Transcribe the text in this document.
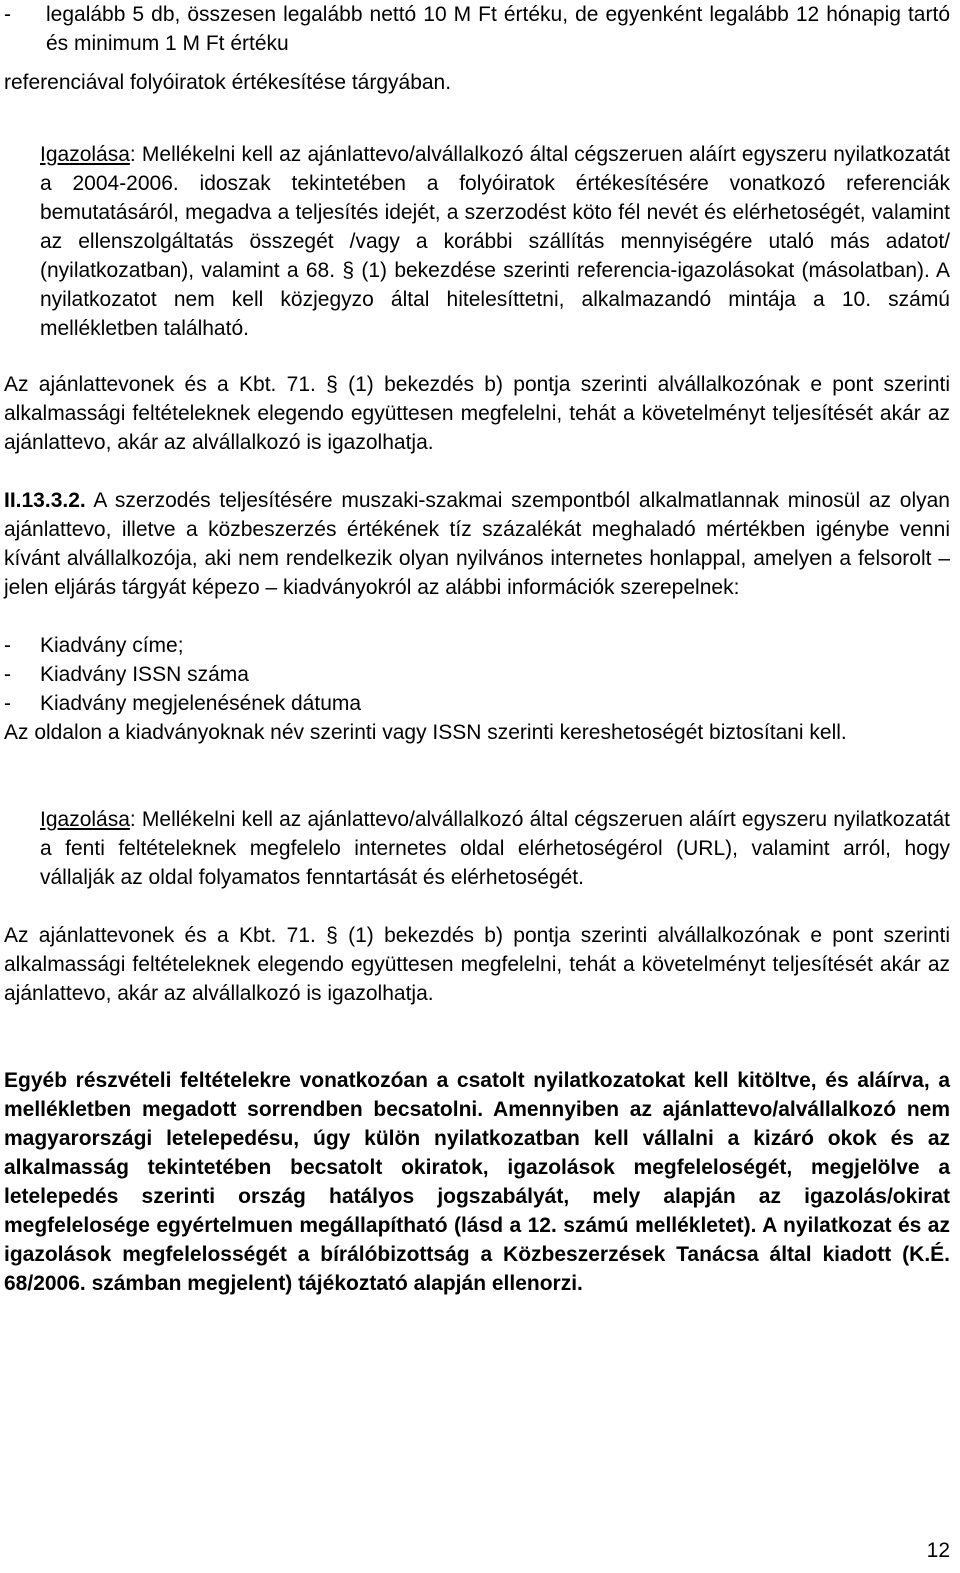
-	legalább 5 db, összesen legalább nettó 10 M Ft értéku, de egyenként legalább 12 hónapig tartó és minimum 1 M Ft értéku
referenciával folyóiratok értékesítése tárgyában.

Igazolása: Mellékelni kell az ajánlattevo/alvállalkozó által cégszeruen aláírt egyszeru nyilatkozatát a 2004-2006. idoszak tekintetében a folyóiratok értékesítésére vonatkozó referenciák bemutatásáról, megadva a teljesítés idejét, a szerzodést köto fél nevét és elérhetoségét, valamint az ellenszolgáltatás összegét /vagy a korábbi szállítás mennyiségére utaló más adatot/ (nyilatkozatban), valamint a 68. § (1) bekezdése szerinti referencia-igazolásokat (másolatban). A nyilatkozatot nem kell közjegyzo által hitelesíttetni, alkalmazandó mintája a 10. számú mellékletben található.

Az ajánlattevonek és a Kbt. 71. § (1) bekezdés b) pontja szerinti alvállalkozónak e pont szerinti alkalmassági feltételeknek elegendo együttesen megfelelni, tehát a követelményt teljesítését akár az ajánlattevo, akár az alvállalkozó is igazolhatja.

II.13.3.2. A szerzodés teljesítésére muszaki-szakmai szempontból alkalmatlannak minosül az olyan ajánlattevo, illetve a közbeszerzés értékének tíz százalékát meghaladó mértékben igénybe venni kívánt alvállalkozója, aki nem rendelkezik olyan nyilvános internetes honlappal, amelyen a felsorolt – jelen eljárás tárgyát képezo – kiadványokról az alábbi információk szerepelnek:

-	Kiadvány címe;
-	Kiadvány ISSN száma
-	Kiadvány megjelenésének dátuma
Az oldalon a kiadványoknak név szerinti vagy ISSN szerinti kereshetoségét biztosítani kell.

Igazolása: Mellékelni kell az ajánlattevo/alvállalkozó által cégszeruen aláírt egyszeru nyilatkozatát a fenti feltételeknek megfelelo internetes oldal elérhetoségérol (URL), valamint arról, hogy vállalják az oldal folyamatos fenntartását és elérhetoségét.

Az ajánlattevonek és a Kbt. 71. § (1) bekezdés b) pontja szerinti alvállalkozónak e pont szerinti alkalmassági feltételeknek elegendo együttesen megfelelni, tehát a követelményt teljesítését akár az ajánlattevo, akár az alvállalkozó is igazolhatja.
Egyéb részvételi feltételekre vonatkozóan a csatolt nyilatkozatokat kell kitöltve, és aláírva, a mellékletben megadott sorrendben becsatolni. Amennyiben az ajánlattevo/alvállalkozó nem magyarországi letelepedésu, úgy külön nyilatkozatban kell vállalni a kizáró okok és az alkalmasság tekintetében becsatolt okiratok, igazolások megfeleloségét, megjelölve a letelepedés szerinti ország hatályos jogszabályát, mely alapján az igazolás/okirat megfelelosége egyértelmuen megállapítható (lásd a 12. számú mellékletet). A nyilatkozat és az igazolások megfelelosségét a bírálóbizottság a Közbeszerzések Tanácsa által kiadott (K.É. 68/2006. számban megjelent) tájékoztató alapján ellenorzi.
12
